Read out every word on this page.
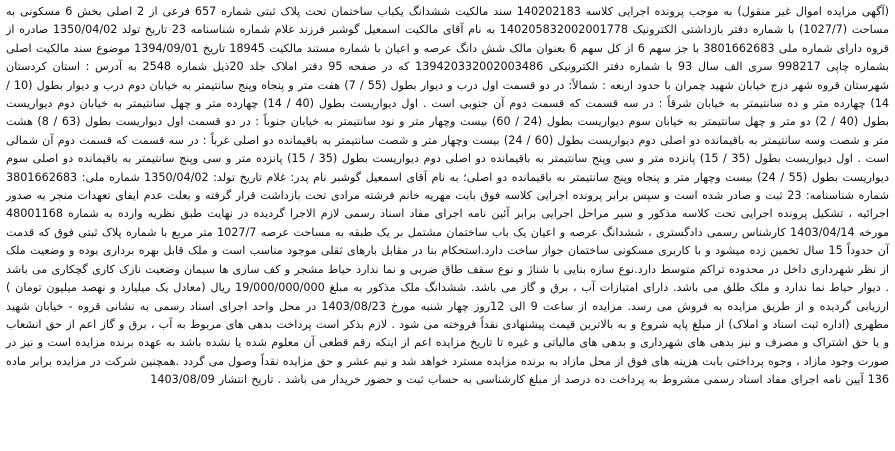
(آگهی مزایده اموال غیر منقول) به موجب پرونده اجرایی کلاسه 140202183 سند مالکیت ششدانگ یکباب ساختمان تحت پلاک ثبتی شماره 657 فرعی از 2 اصلی بخش 6 مسکونی به مساحت (1027/7) با شماره دفتر بازداشتی الکترونیک 140205832002001778 به نام آقای مالکیت اسمعیل گوشبر فرزند غلام شماره شناسنامه 23 تاریخ تولد 1350/04/02 صادره از قروه دارای شماره ملی 3801662683 با جز سهم 6 از کل سهم 6 بعنوان مالک شش دانگ عرصه و اعیان با شماره مستند مالکیت 18945 تاریخ 1394/09/01 موضوع سند مالکیت اصلی بشماره چاپی 998217 سری الف سال 93 با شماره دفتر الکترونیکی 139420332002003486 که در صفحه 95 دفتر املاک جلد 20ذیل شماره 2548 به آدرس : استان کردستان شهرستان قروه شهر دزج خیابان شهید چمران با حدود اربعه : شمالاً: در دو قسمت اول درب و دیوار بطول (55 / 7) هفت متر و پنجاه وپنج سانتیمتر به خیابان دوم درب و دیوار بطول (10 / 14) چهارده متر و ده سانتیمتر به خیابان شرقاً : در سه قسمت که قسمت دوم آن جنوبی است . اول دیواریست بطول (40 / 14) چهارده متر و چهل سانتیمتر به خیابان دوم دیواریست بطول (40 / 2) دو متر و چهل سانتیمتر به خیابان سوم دیواریست بطول (24 / 60) بیست وچهار متر و نود سانتیمتر به خیابان جنوباً : در دو قسمت اول دیواریست بطول (63 / 8) هشت متر و شصت وسه سانتیمتر به باقیمانده دو اصلی دوم دیواریست بطول (60 / 24) بیست وچهار متر و شصت سانتیمتر به باقیمانده دو اصلی غرباً : در سه قسمت که قسمت دوم آن شمالی است . اول دیواریست بطول (35 / 15) پانزده متر و سی وپنج سانتیمتر به باقیمانده دو اصلی دوم دیواریست بطول (35 / 15) پانزده متر و سی وپنج سانتیمتر به باقیمانده دو اصلی سوم دیواریست بطول (55 / 24) بیست وچهار متر و پنجاه وپنج سانتیمتر به باقیمانده دو اصلی؛ به نام آقای اسمعیل گوشبر نام پدر: غلام تاریخ تولد: 1350/04/02 شماره ملی: 3801662683 شماره شناسنامه: 23 ثبت و صادر شده است و سپس برابر پرونده اجرایی کلاسه فوق بابت مهریه خانم فرشته مرادی تحت بازداشت قرار گرفته و بعلت عدم ایفای تعهدات منجر به صدور اجرائیه ، تشکیل پرونده اجرایی تحت کلاسه مذکور و سیر مراحل اجرایی برابر آئین نامه اجرای مفاد اسناد رسمی لازم الاجرا گردیده در نهایت طبق نظریه وارده به شماره 48001168 مورخه 1403/04/14 کارشناس رسمی دادگستری ، ششدانگ عرصه و اعیان یک باب ساختمان مشتمل بر یک طبقه به مساحت عرصه 1027/7 متر مربع با شماره پلاک ثبتی فوق که قدمت آن حدوداً 15 سال تخمین زده میشود و با کاربری مسکونی ساختمان جواز ساخت دارد.استحکام بنا در مقابل بارهای ثقلی موجود مناسب است و ملک قابل بهره برداری بوده و وضعیت ملک از نظر شهرداری داخل در محدوده تراکم متوسط دارد.نوع سازه بنایی با شناژ و نوع سقف طاق ضربی و نما ندارد حیاط مشجر و کف سازی ها سیمان وضعیت نازک کاری گچکاری می باشد . دیوار حیاط نما ندارد و ملک طلق می باشد. دارای امتیازات آب ، برق و گاز می باشد. ششدانگ ملک مذکور به مبلغ 19/000/000/000 ریال (معادل یک میلیارد و نهصد میلیون تومان ) ارزیابی گردیده و از طریق مزایده به فروش می رسد. مزایده از ساعت 9 الی 12روز چهار شنبه مورخ 1403/08/23 در محل واحد اجرای اسناد رسمی به نشانی قروه - خیابان شهید مطهری (اداره ثبت اسناد و املاک) از مبلغ پایه شروع و به بالاترین قیمت پیشنهادی نقداً فروخته می شود . لازم بذکر است پرداخت بدهی های مربوط به آب ، برق و گاز اعم از حق انشعاب و یا حق اشتراک و مصرف و نیز بدهی های شهرداری و بدهی های مالیاتی و غیره تا تاریخ مزایده اعم از اینکه رقم قطعی آن معلوم شده یا نشده باشد به عهده برنده مزایده است و نیز در صورت وجود مازاد ، وجوه پرداختی بابت هزینه های فوق از محل مازاد به برنده مزایده مسترد خواهد شد و نیم عشر و حق مزایده نقداً وصول می گردد .همچنین شرکت در مزایده برابر ماده 136 آیین نامه اجرای مفاد اسناد رسمی مشروط به پرداخت ده درصد از مبلغ کارشناسی به حساب ثبت و حضور خریدار می باشد . تاریخ انتشار 1403/08/09
